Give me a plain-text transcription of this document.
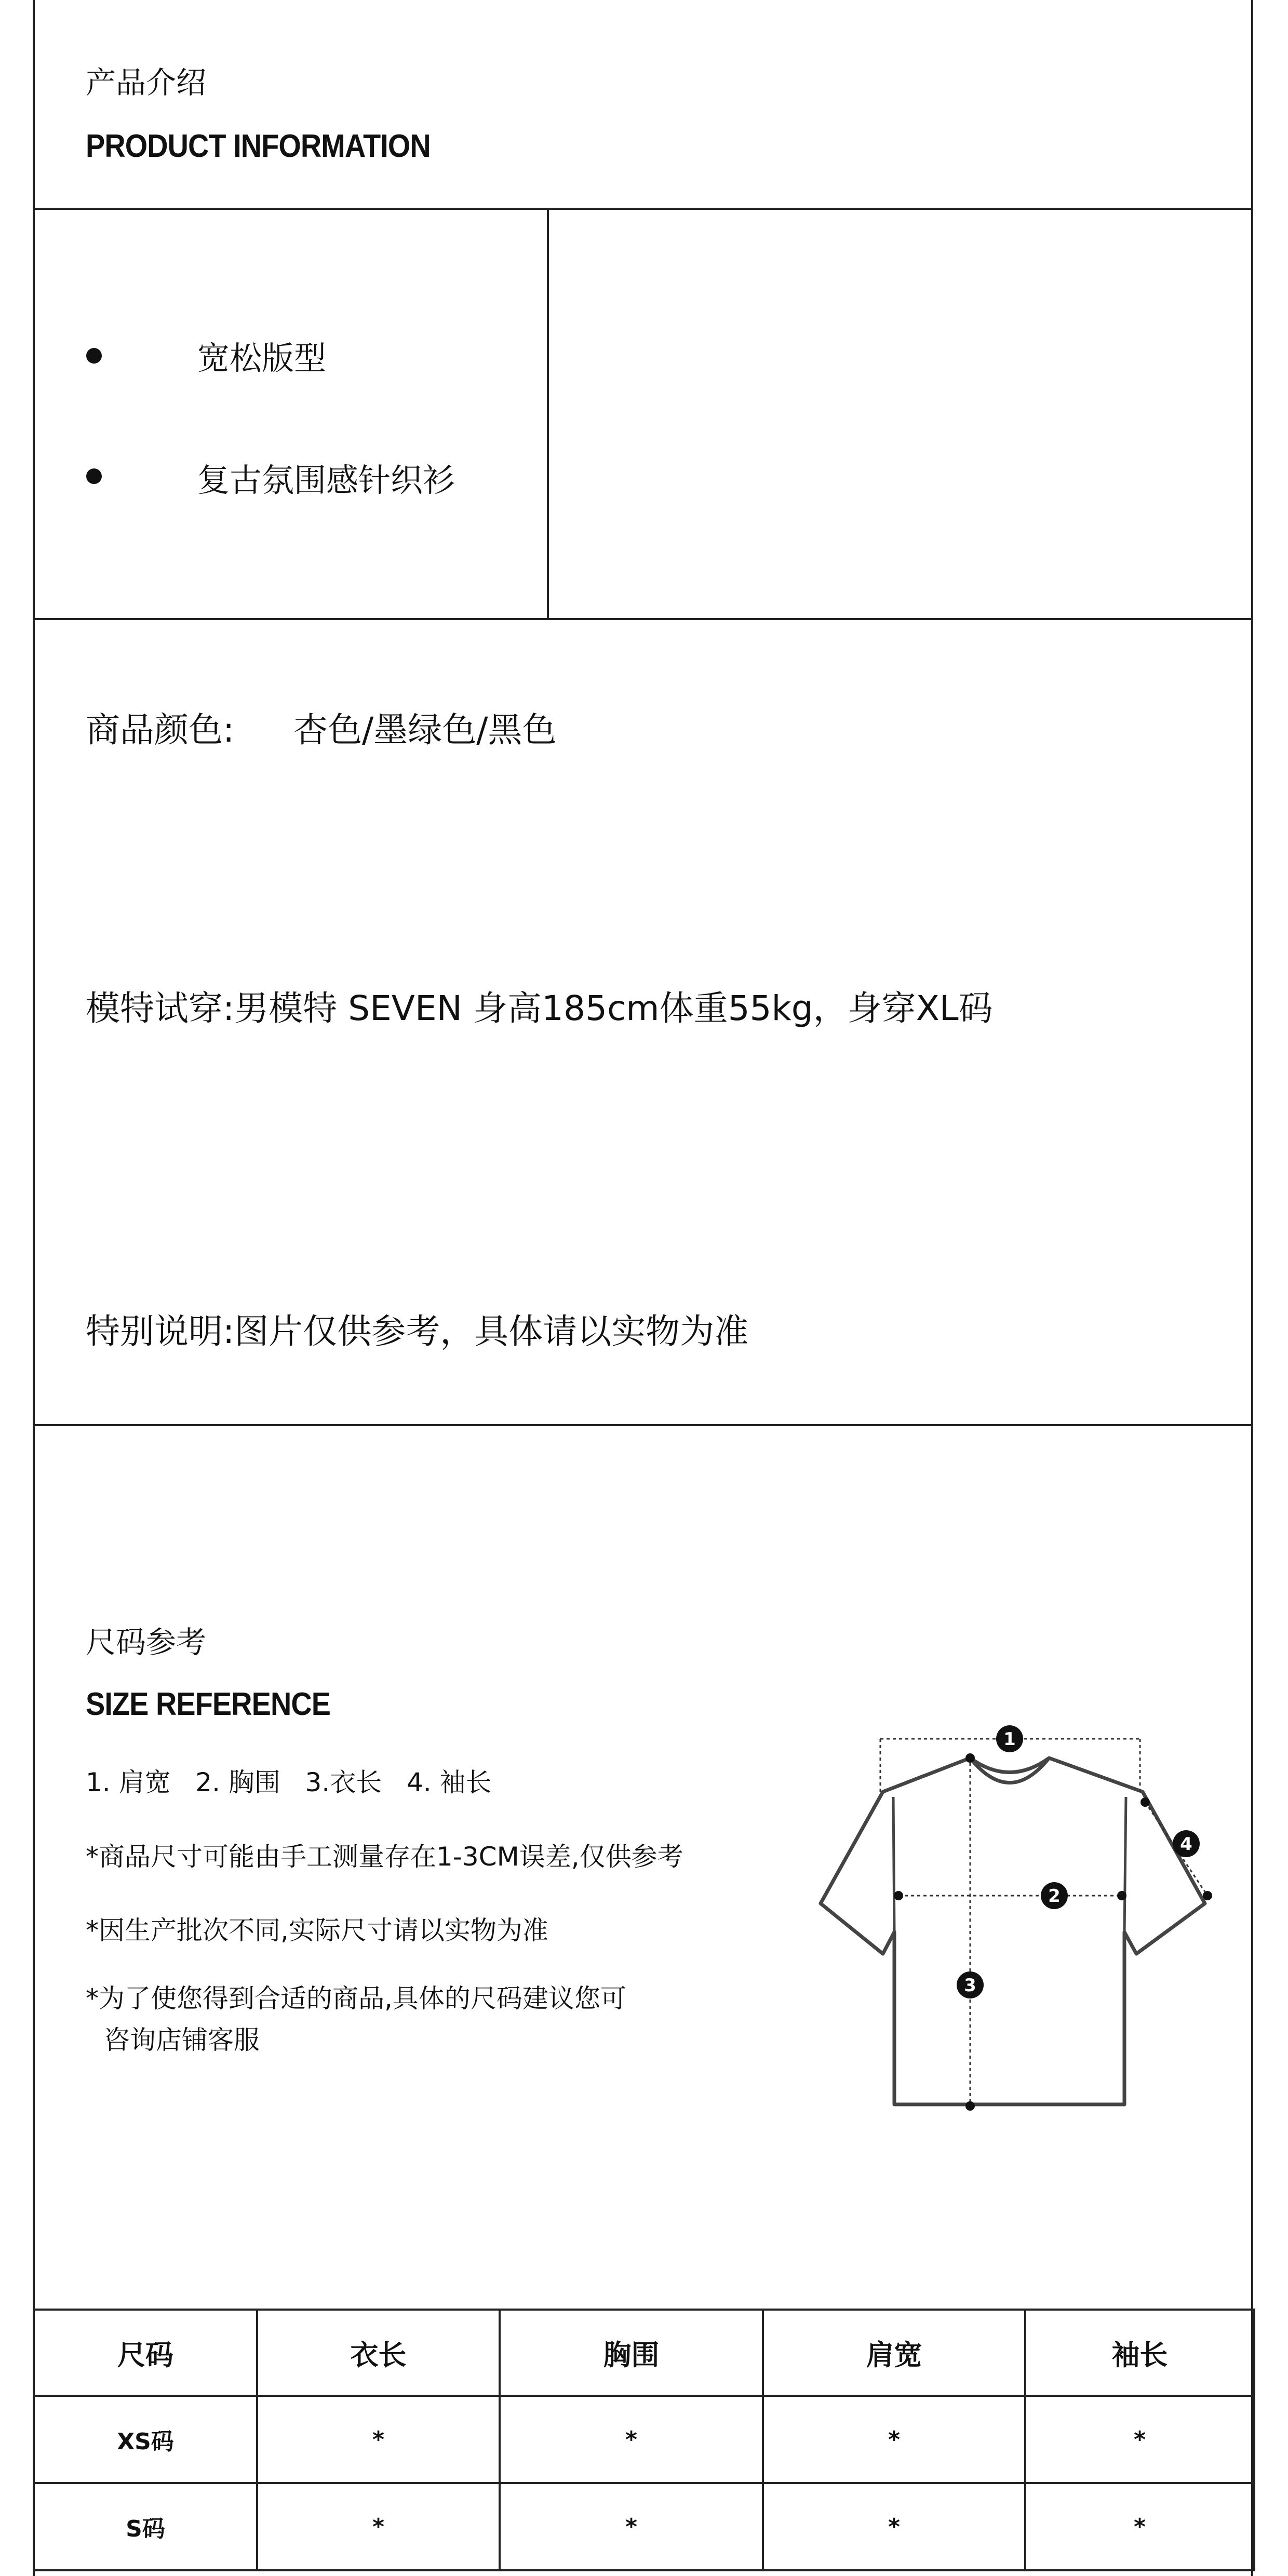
产品介绍
PRODUCT INFORMATION
宽松版型
复古氛围感针织衫
商品颜色: 杏色/墨绿色/黑色
模特试穿:男模特 SEVEN 身高185cm体重55kg，身穿XL码
特别说明:图片仅供参考，具体请以实物为准
尺码参考
SIZE REFERENCE
1. 肩宽   2. 胸围   3.衣长   4. 袖长
*商品尺寸可能由手工测量存在1-3CM误差,仅供参考
*因生产批次不同,实际尺寸请以实物为准
*为了使您得到合适的商品,具体的尺码建议您可
咨询店铺客服
1
2
3
4
尺码	衣长	胸围	肩宽	袖长
XS码	*	*	*	*
S码	*	*	*	*
